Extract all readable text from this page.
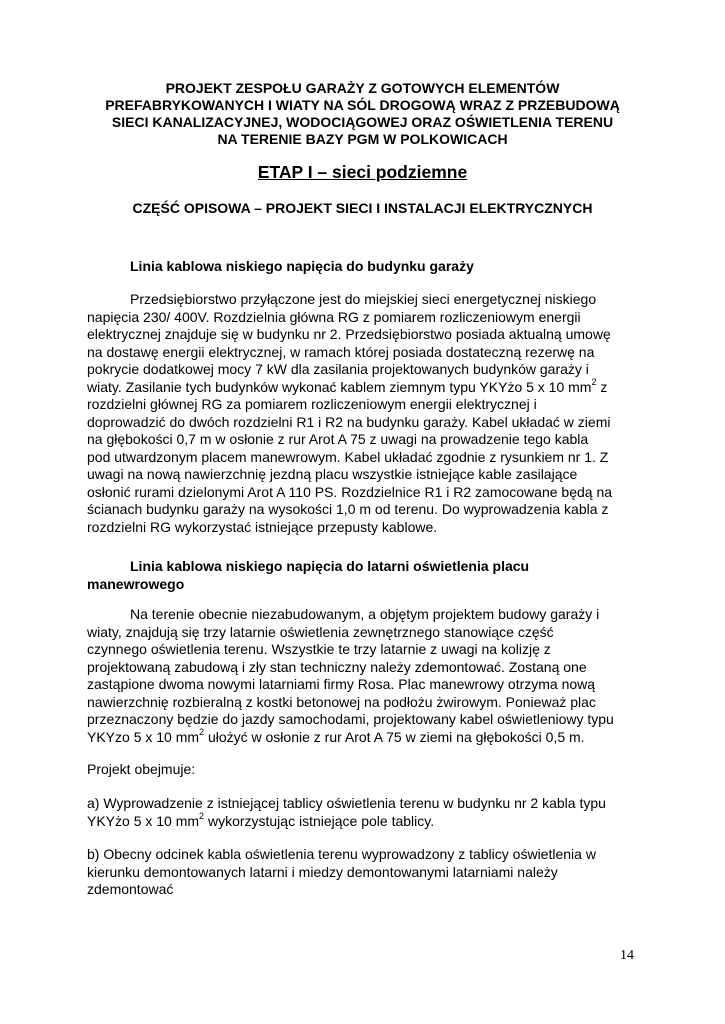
PROJEKT ZESPOŁU GARAŻY Z GOTOWYCH ELEMENTÓW
PREFABRYKOWANYCH I WIATY NA SÓL DROGOWĄ WRAZ Z PRZEBUDOWĄ
SIECI KANALIZACYJNEJ, WODOCIĄGOWEJ ORAZ OŚWIETLENIA TERENU
NA TERENIE BAZY PGM W POLKOWICACH
ETAP I – sieci podziemne
CZĘŚĆ OPISOWA – PROJEKT SIECI I INSTALACJI ELEKTRYCZNYCH
Linia kablowa niskiego napięcia do budynku garaży
Przedsiębiorstwo przyłączone jest do miejskiej sieci energetycznej niskiego
napięcia 230/ 400V. Rozdzielnia główna RG z pomiarem rozliczeniowym energii
elektrycznej znajduje się w budynku nr 2. Przedsiębiorstwo posiada aktualną umowę
na dostawę energii elektrycznej, w ramach której posiada dostateczną rezerwę na
pokrycie dodatkowej mocy 7 kW dla zasilania projektowanych budynków garaży i
wiaty. Zasilanie tych budynków wykonać kablem ziemnym typu YKYżo 5 x 10 $mm^2$ z
rozdzielni głównej RG za pomiarem rozliczeniowym energii elektrycznej i
doprowadzić do dwóch rozdzielni R1 i R2 na budynku garaży. Kabel układać w ziemi
na głębokości 0,7 m w osłonie z rur Arot A 75 z uwagi na prowadzenie tego kabla
pod utwardzonym placem manewrowym. Kabel układać zgodnie z rysunkiem nr 1. Z
uwagi na nową nawierzchnię jezdną placu wszystkie istniejące kable zasilające
osłonić rurami dzielonymi Arot A 110 PS. Rozdzielnice R1 i R2 zamocowane będą na
ścianach budynku garaży na wysokości 1,0 m od terenu. Do wyprowadzenia kabla z
rozdzielni RG wykorzystać istniejące przepusty kablowe.
Linia kablowa niskiego napięcia do latarni oświetlenia placu
manewrowego
Na terenie obecnie niezabudowanym, a objętym projektem budowy garaży i
wiaty, znajdują się trzy latarnie oświetlenia zewnętrznego stanowiące część
czynnego oświetlenia terenu. Wszystkie te trzy latarnie z uwagi na kolizję z
projektowaną zabudową i zły stan techniczny należy zdemontować. Zostaną one
zastąpione dwoma nowymi latarniami firmy Rosa. Plac manewrowy otrzyma nową
nawierzchnię rozbieralną z kostki betonowej na podłożu żwirowym. Ponieważ plac
przeznaczony będzie do jazdy samochodami, projektowany kabel oświetleniowy typu
YKYzo 5 x 10 $mm^2$ ułożyć w osłonie z rur Arot A 75 w ziemi na głębokości 0,5 m.
Projekt obejmuje:
a) Wyprowadzenie z istniejącej tablicy oświetlenia terenu w budynku nr 2 kabla typu
YKYżo 5 x 10 $mm^2$ wykorzystując istniejące pole tablicy.
b) Obecny odcinek kabla oświetlenia terenu wyprowadzony z tablicy oświetlenia w
kierunku demontowanych latarni i miedzy demontowanymi latarniami należy
zdemontować
14
